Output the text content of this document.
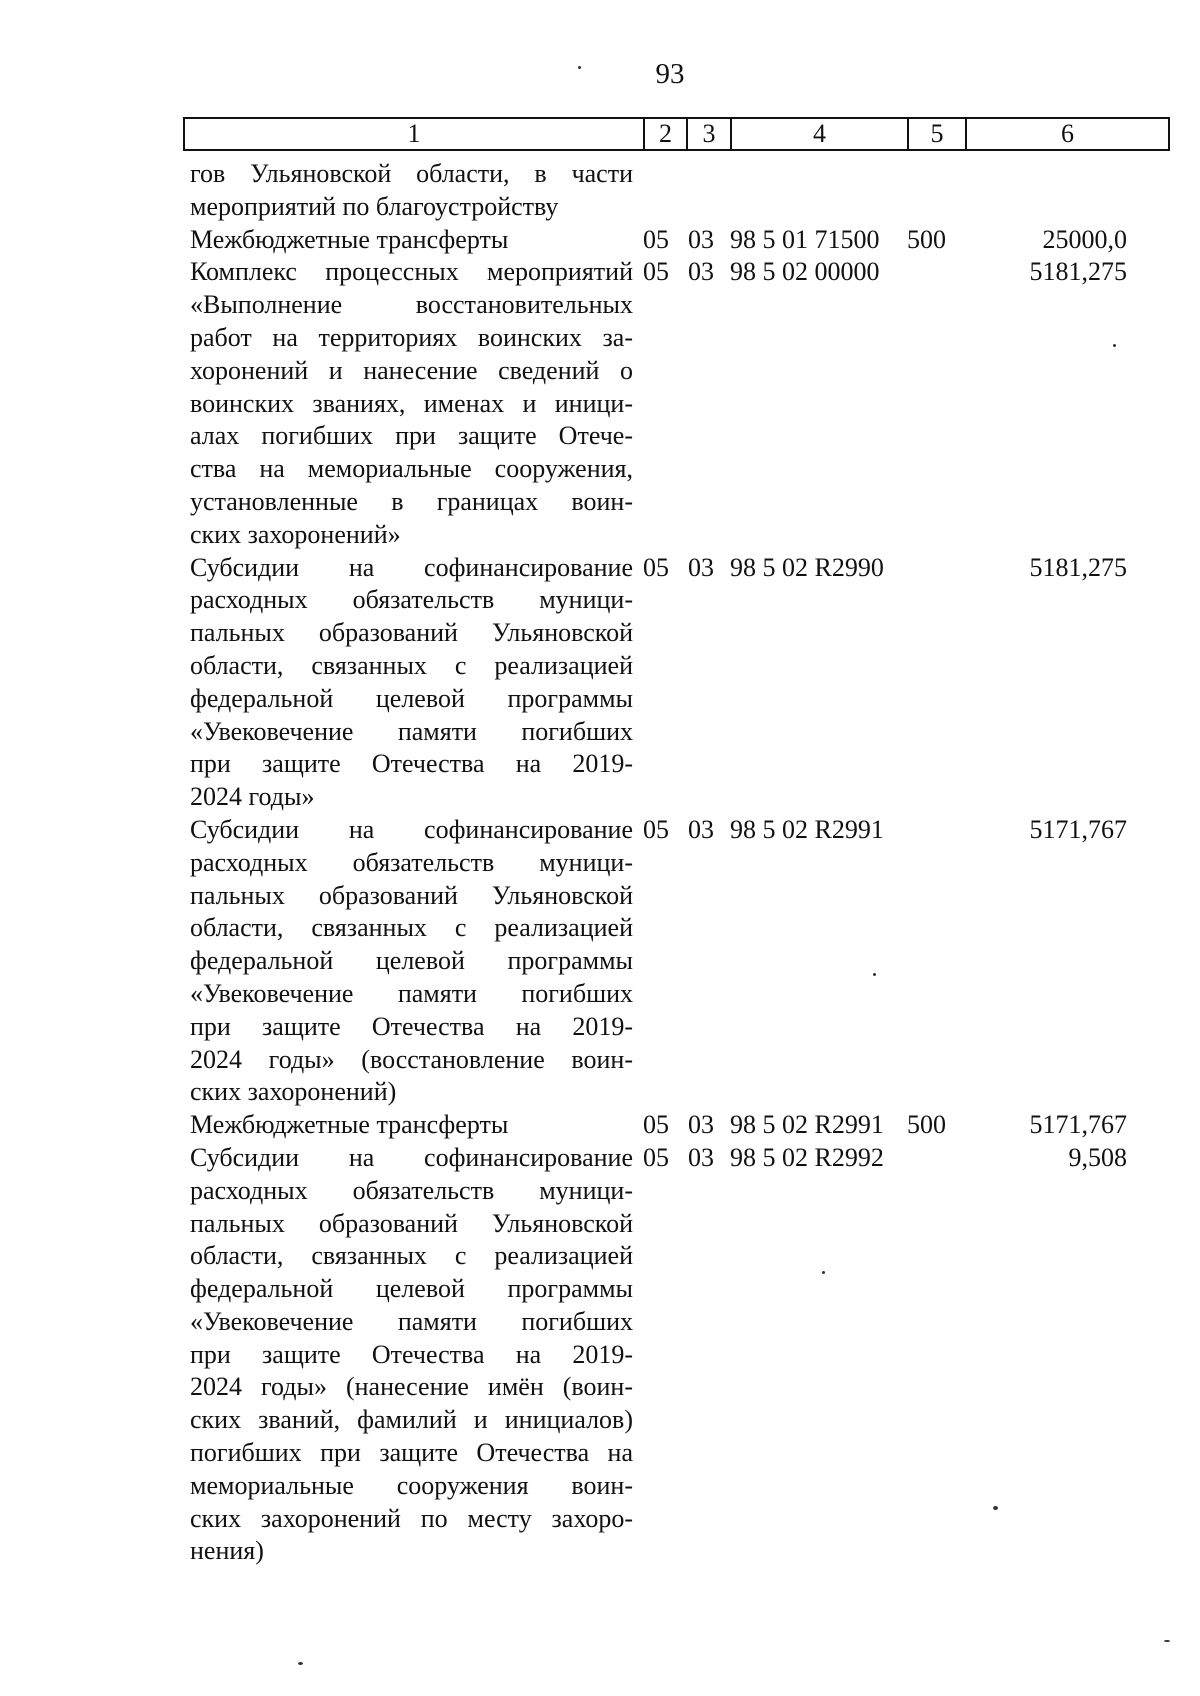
93
1	2	3	4	5	6
гов Ульяновской области, в части
мероприятий по благоустройству
Межбюджетные трансферты	05 03 98 5 01 71500	500	25000,0
Комплекс процессных мероприятий
«Выполнение восстановительных
работ на территориях воинских за-
хоронений и нанесение сведений о
воинских званиях, именах и иници-
алах погибших при защите Отече-
ства на мемориальные сооружения,
установленные в границах воин-
ских захоронений»
05 03 98 5 02 00000	5181,275
Субсидии на софинансирование
расходных обязательств муници-
пальных образований Ульяновской
области, связанных с реализацией
федеральной целевой программы
«Увековечение памяти погибших
при защите Отечества на 2019-
2024 годы»
05 03 98 5 02 R2990	5181,275
Субсидии на софинансирование
расходных обязательств муници-
пальных образований Ульяновской
области, связанных с реализацией
федеральной целевой программы
«Увековечение памяти погибших
при защите Отечества на 2019-
2024 годы» (восстановление воин-
ских захоронений)
05 03 98 5 02 R2991	5171,767
Межбюджетные трансферты	05 03 98 5 02 R2991 500	5171,767
Субсидии на софинансирование
расходных обязательств муници-
пальных образований Ульяновской
области, связанных с реализацией
федеральной целевой программы
«Увековечение памяти погибших
при защите Отечества на 2019-
2024 годы» (нанесение имён (воин-
ских званий, фамилий и инициалов)
погибших при защите Отечества на
мемориальные сооружения воин-
ских захоронений по месту захоро-
нения)
05 03 98 5 02 R2992	9,508
